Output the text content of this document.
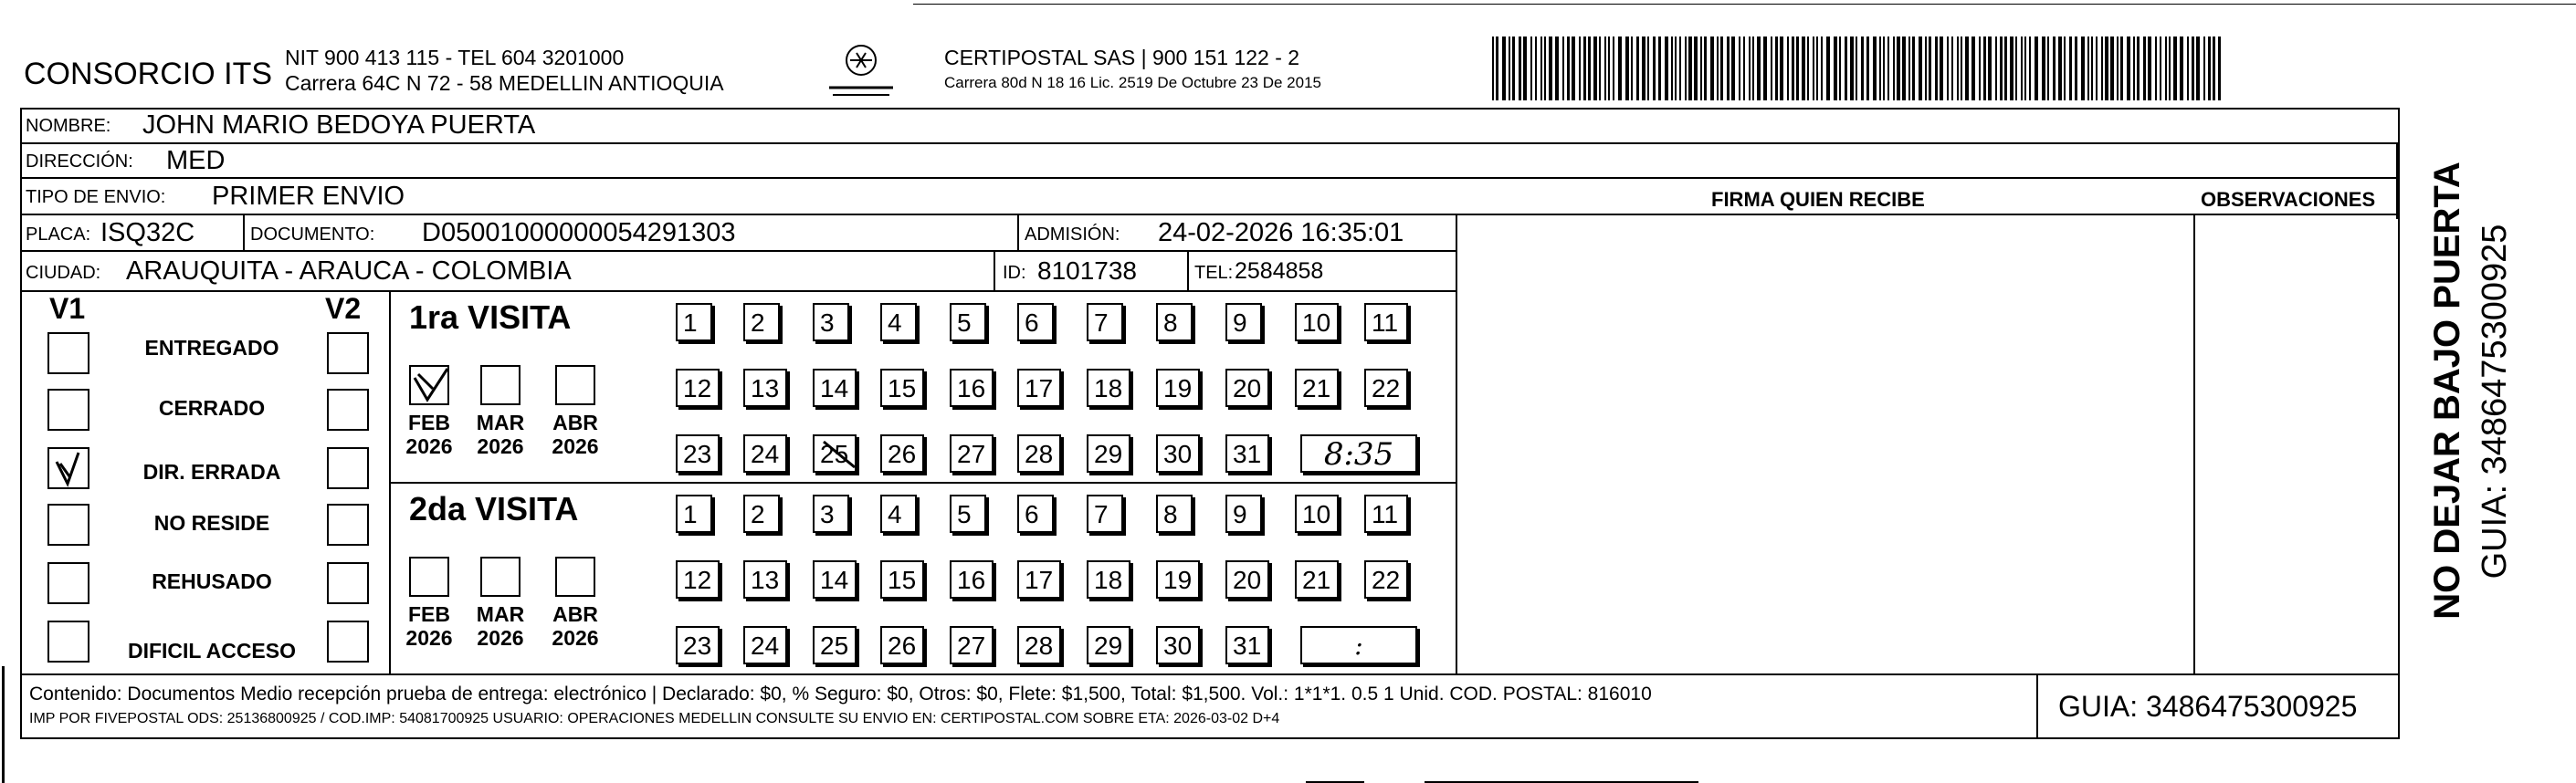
CONSORCIO ITS NIT 900 413 115 - TEL 604 3201000
Carrera 64C N 72 - 58 MEDELLIN ANTIOQUIA
CERTIPOSTAL SAS | 900 151 122 - 2
Carrera 80d N 18 16 Lic. 2519 De Octubre 23 De 2015
NOMBRE: JOHN MARIO BEDOYA PUERTA
DIRECCIÓN: MED
TIPO DE ENVIO: PRIMER ENVIO	FIRMA QUIEN RECIBE	OBSERVACIONES
PLACA: ISQ32C	DOCUMENTO: D05001000000054291303	ADMISIÓN: 24-02-2026 16:35:01
CIUDAD: ARAUQUITA - ARAUCA - COLOMBIA	ID: 8101738	TEL: 2584858
V1	V2
ENTREGADO
CERRADO
DIR. ERRADA
NO RESIDE
REHUSADO
DIFICIL ACCESO
1ra VISITA
FEB
2026
MAR
2026
ABR
2026
1	2	3	4	5	6	7	8	9	10	11
12	13	14	15	16	17	18	19	20	21	22
23	24	25	26	27	28	29	30	31	8:35
2da VISITA
FEB
2026
MAR
2026
ABR
2026
1	2	3	4	5	6	7	8	9	10	11
12	13	14	15	16	17	18	19	20	21	22
23	24	25	26	27	28	29	30	31	:
Contenido: Documentos Medio recepción prueba de entrega: electrónico | Declarado: $0, % Seguro: $0, Otros: $0, Flete: $1,500, Total: $1,500. Vol.: 1*1*1. 0.5 1 Unid. COD. POSTAL: 816010
IMP POR FIVEPOSTAL ODS: 25136800925 / COD.IMP: 54081700925 USUARIO: OPERACIONES MEDELLIN CONSULTE SU ENVIO EN: CERTIPOSTAL.COM SOBRE ETA: 2026-03-02 D+4	GUIA: 3486475300925
NO DEJAR BAJO PUERTA GUIA: 3486475300925
